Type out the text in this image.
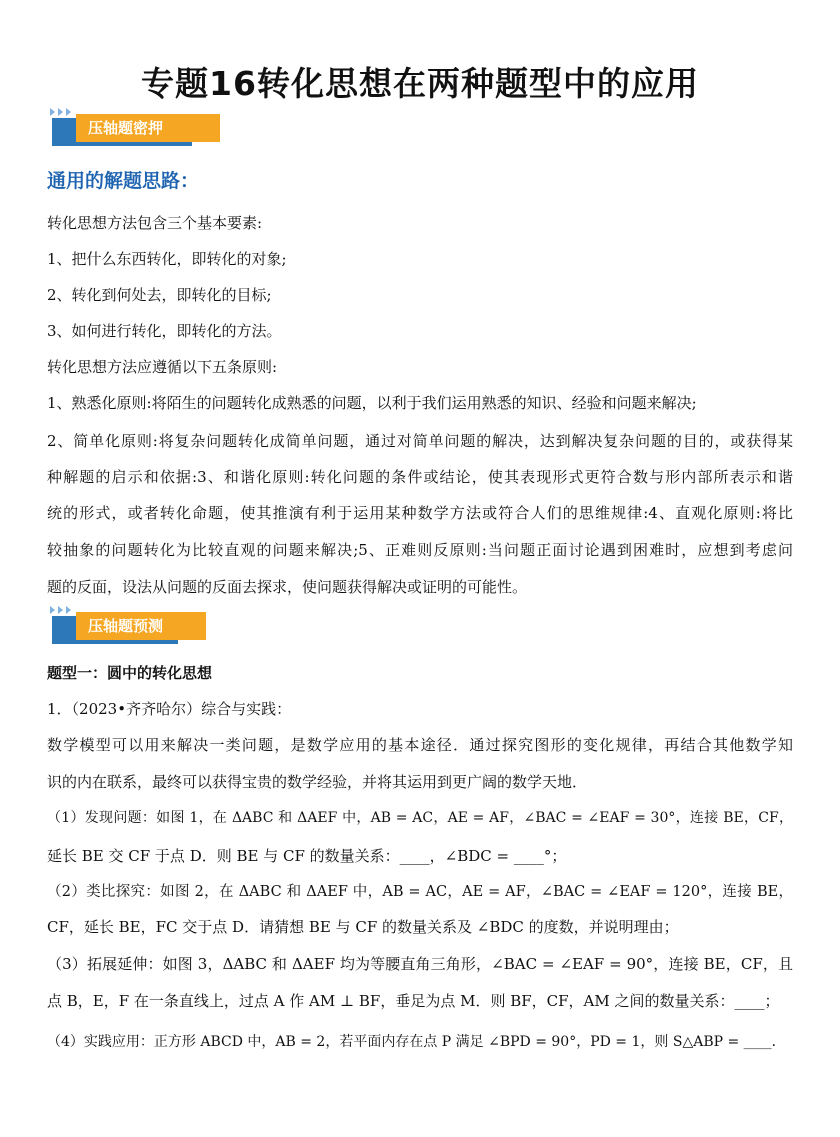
专题16转化思想在两种题型中的应用
压轴题密押
通用的解题思路：

转化思想方法包含三个基本要素:

1、把什么东西转化，即转化的对象;

2、转化到何处去，即转化的目标;

3、如何进行转化，即转化的方法。

转化思想方法应遵循以下五条原则:

1、熟悉化原则:将陌生的问题转化成熟悉的问题，以利于我们运用熟悉的知识、经验和问题来解决;

2、简单化原则:将复杂问题转化成简单问题，通过对简单问题的解决，达到解决复杂问题的目的，或获得某

种解题的启示和依据:3、和谐化原则:转化问题的条件或结论，使其表现形式更符合数与形内部所表示和谐

统的形式，或者转化命题，使其推演有利于运用某种数学方法或符合人们的思维规律:4、直观化原则:将比

较抽象的问题转化为比较直观的问题来解决;5、正难则反原则:当问题正面讨论遇到困难时，应想到考虑问

题的反面，设法从问题的反面去探求，使问题获得解决或证明的可能性。

压轴题预测

题型一：圆中的转化思想

1．（2023•齐齐哈尔）综合与实践：

数学模型可以用来解决一类问题，是数学应用的基本途径．通过探究图形的变化规律，再结合其他数学知

识的内在联系，最终可以获得宝贵的数学经验，并将其运用到更广阔的数学天地．

（1）发现问题：如图 1，在 ΔABC 和 ΔAEF 中，AB = AC，AE = AF，∠BAC = ∠EAF = 30°，连接 BE，CF，

延长 BE 交 CF 于点 D．则 BE 与 CF 的数量关系：____，∠BDC = ____°；

（2）类比探究：如图 2，在 ΔABC 和 ΔAEF 中，AB = AC，AE = AF，∠BAC = ∠EAF = 120°，连接 BE，

CF，延长 BE，FC 交于点 D．请猜想 BE 与 CF 的数量关系及 ∠BDC 的度数，并说明理由；

（3）拓展延伸：如图 3，ΔABC 和 ΔAEF 均为等腰直角三角形，∠BAC = ∠EAF = 90°，连接 BE，CF，且

点 B，E，F 在一条直线上，过点 A 作 AM ⊥ BF，垂足为点 M．则 BF，CF，AM 之间的数量关系：____；

（4）实践应用：正方形 ABCD 中，AB = 2，若平面内存在点 P 满足 ∠BPD = 90°，PD = 1，则 S△ABP = ____．
